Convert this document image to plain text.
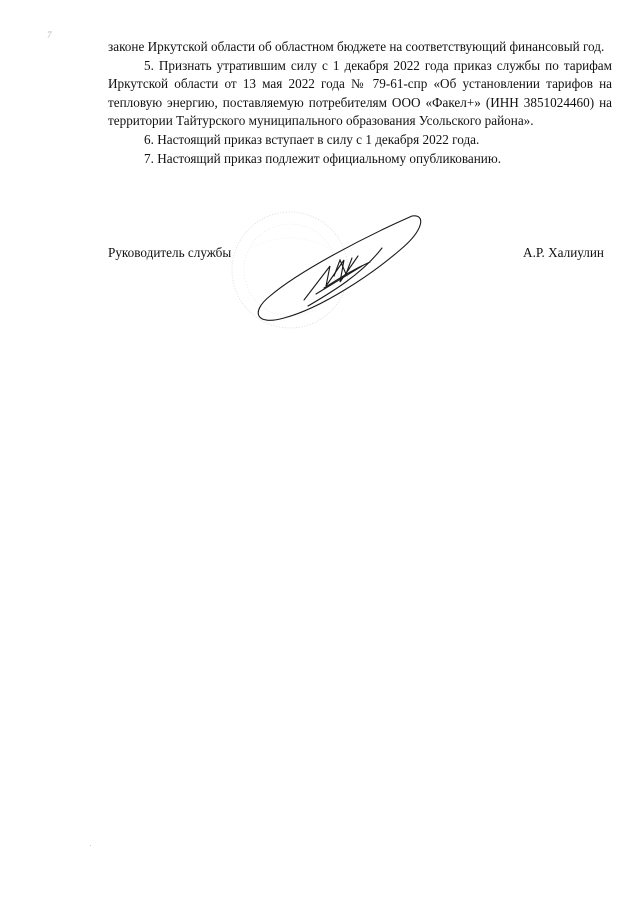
7

законе Иркутской области об областном бюджете на соответствующий финансовый год.

5. Признать утратившим силу с 1 декабря 2022 года приказ службы по тарифам Иркутской области от 13 мая 2022 года № 79-61-спр «Об установлении тарифов на тепловую энергию, поставляемую потребителям ООО «Факел+» (ИНН 3851024460) на территории Тайтурского муниципального образования Усольского района».

6. Настоящий приказ вступает в силу с 1 декабря 2022 года.

7. Настоящий приказ подлежит официальному опубликованию.

Руководитель службы	А.Р. Халиулин
